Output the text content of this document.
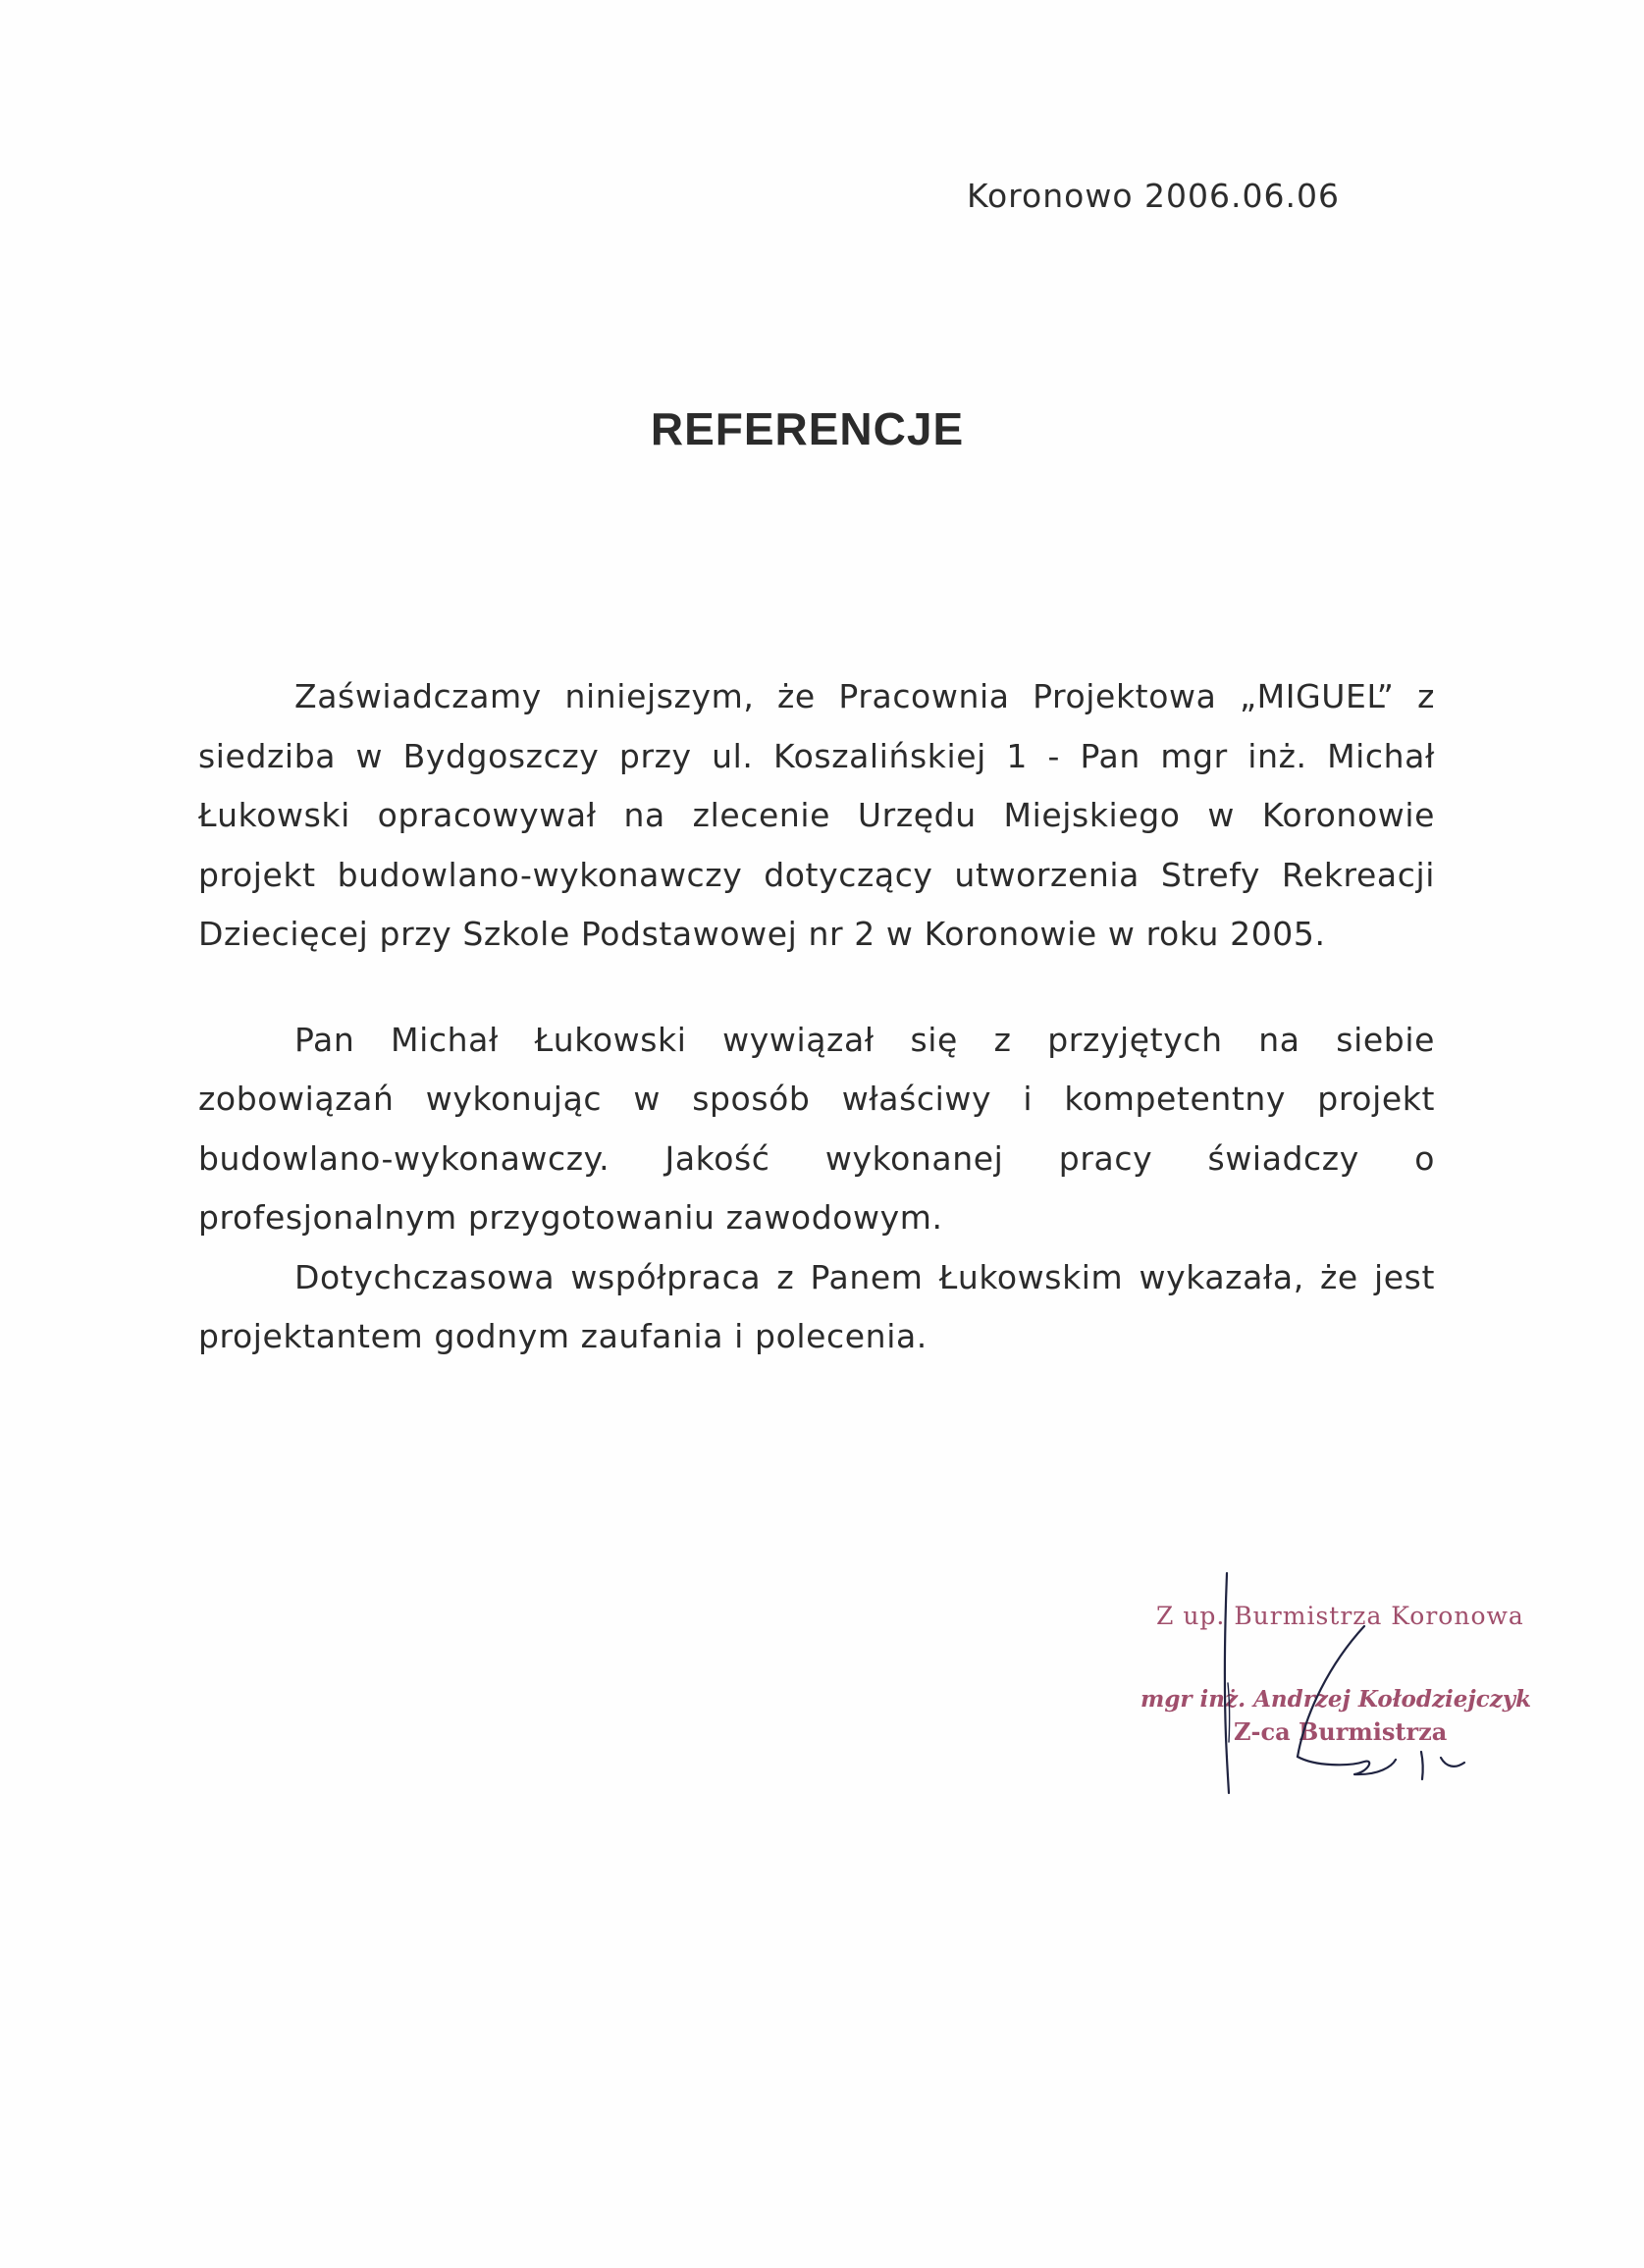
Koronowo 2006.06.06
REFERENCJE

Zaświadczamy niniejszym, że Pracownia Projektowa „MIGUEL” z siedziba w Bydgoszczy przy ul. Koszalińskiej 1 - Pan mgr inż. Michał Łukowski opracowywał na zlecenie Urzędu Miejskiego w Koronowie projekt budowlano-wykonawczy dotyczący utworzenia Strefy Rekreacji Dziecięcej przy Szkole Podstawowej nr 2 w Koronowie w roku 2005.

Pan Michał Łukowski wywiązał się z przyjętych na siebie zobowiązań wykonując w sposób właściwy i kompetentny projekt budowlano-wykonawczy. Jakość wykonanej pracy świadczy o profesjonalnym przygotowaniu zawodowym.

Dotychczasowa współpraca z Panem Łukowskim wykazała, że jest projektantem godnym zaufania i polecenia.

Z up. Burmistrza Koronowa
mgr inż. Andrzej Kołodziejczyk
Z-ca Burmistrza
